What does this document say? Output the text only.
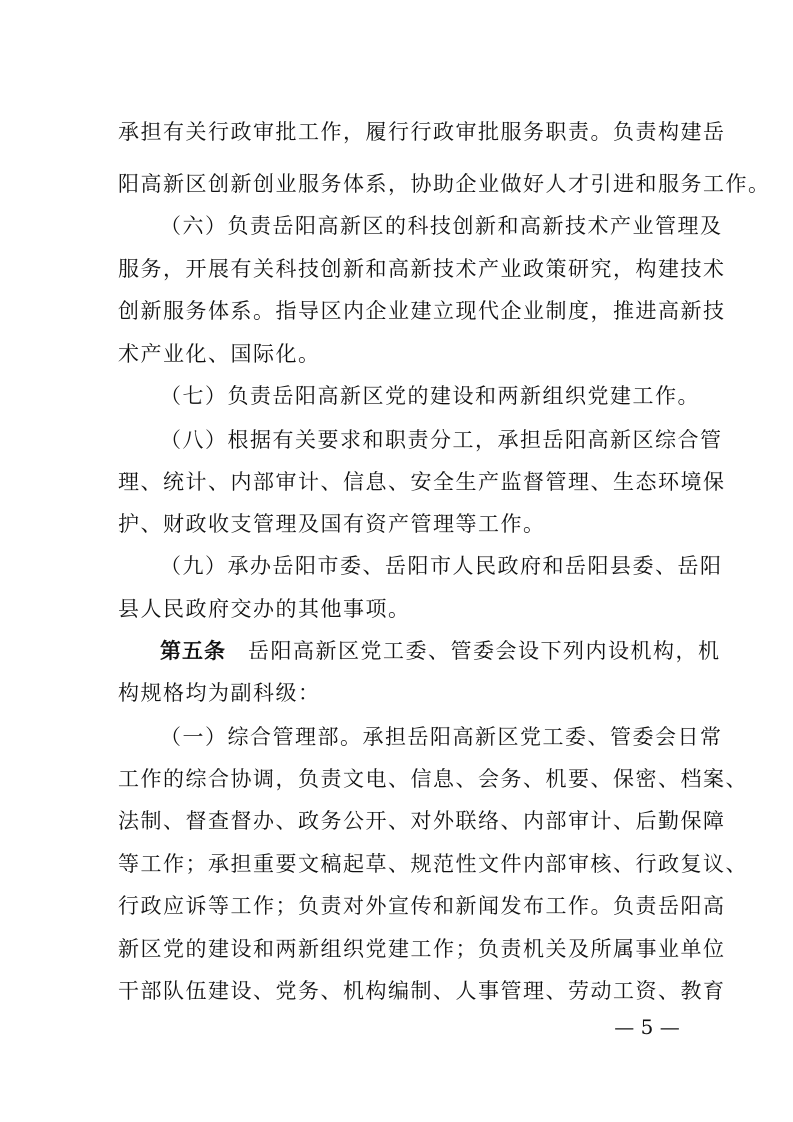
承担有关行政审批工作，履行行政审批服务职责。负责构建岳
阳高新区创新创业服务体系，协助企业做好人才引进和服务工作。
（六）负责岳阳高新区的科技创新和高新技术产业管理及
服务，开展有关科技创新和高新技术产业政策研究，构建技术
创新服务体系。指导区内企业建立现代企业制度，推进高新技
术产业化、国际化。
（七）负责岳阳高新区党的建设和两新组织党建工作。
（八）根据有关要求和职责分工，承担岳阳高新区综合管
理、统计、内部审计、信息、安全生产监督管理、生态环境保
护、财政收支管理及国有资产管理等工作。
（九）承办岳阳市委、岳阳市人民政府和岳阳县委、岳阳
县人民政府交办的其他事项。
第五条 岳阳高新区党工委、管委会设下列内设机构，机
构规格均为副科级：
（一）综合管理部。承担岳阳高新区党工委、管委会日常
工作的综合协调，负责文电、信息、会务、机要、保密、档案、
法制、督查督办、政务公开、对外联络、内部审计、后勤保障
等工作；承担重要文稿起草、规范性文件内部审核、行政复议、
行政应诉等工作；负责对外宣传和新闻发布工作。负责岳阳高
新区党的建设和两新组织党建工作；负责机关及所属事业单位
干部队伍建设、党务、机构编制、人事管理、劳动工资、教育
— 5 —
